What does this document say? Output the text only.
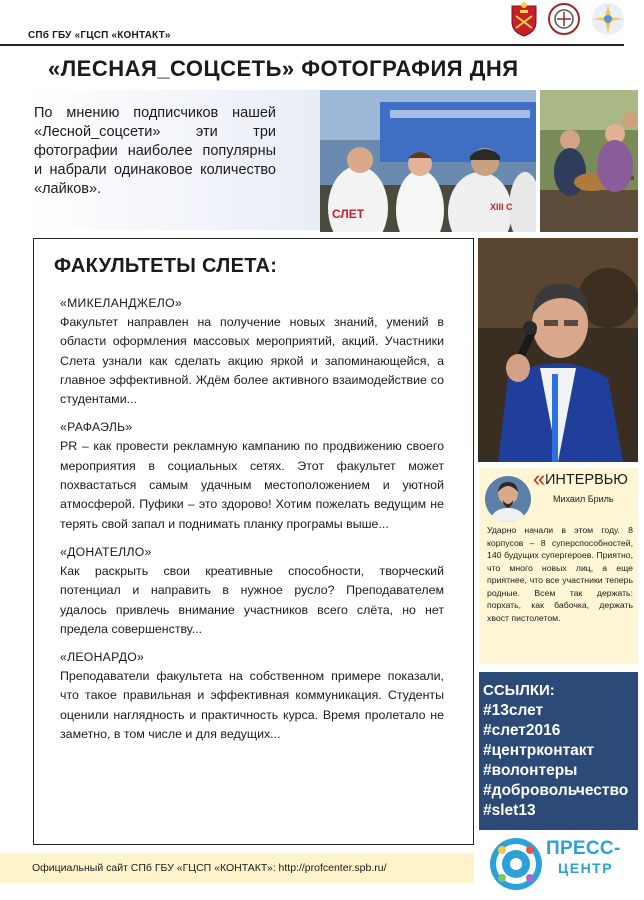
СПб ГБУ «ГЦСП «КОНТАКТ»
«ЛЕСНАЯ_СОЦСЕТЬ» ФОТОГРАФИЯ ДНЯ
По мнению подписчиков нашей «Лесной_соцсети» эти три фотографии наиболее популярны и набрали одинаковое количество «лайков».
СЛЕТ	XIII С
ФАКУЛЬТЕТЫ СЛЕТА:
«МИКЕЛАНДЖЕЛО»
Факультет направлен на получение новых знаний, умений в области оформления массовых мероприятий, акций. Участники Слета узнали как сделать акцию яркой и запоминающейся, а главное эффективной. Ждём более активного взаимодействие со студентами...
«РАФАЭЛЬ»
PR – как провести рекламную кампанию по продвижению своего мероприятия в социальных сетях. Этот факультет может похвастаться самым удачным местоположением и уютной атмосферой. Пуфики – это здорово! Хотим пожелать ведущим не терять свой запал и поднимать планку програмы выше...
«ДОНАТЕЛЛО»
Как раскрыть свои креативные способности, творческий потенциал и направить в нужное русло? Преподавателем удалось привлечь внимание участников всего слёта, но нет предела совершенству...
«ЛЕОНАРДО»
Преподаватели факультета на собственном примере показали, что такое правильная и эффективная коммуникация. Студенты оценили наглядность и практичность курса. Время пролетало не заметно, в том числе и для ведущих...
« ИНТЕРВЬЮ
Михаил Бриль
Ударно начали в этом году. 8 корпусов – 8 суперспособностей, 140 будущих супергероев. Приятно, что много новых лиц, а еще приятнее, что все участники теперь родные. Всем так держать: порхать, как бабочка, держать хвост пистолетом.
ССЫЛКИ:
#13слет
#слет2016
#центрконтакт
#волонтеры
#добровольчество
#slet13
Официальный сайт СПб ГБУ «ГЦСП «КОНТАКТ»: http://profcenter.spb.ru/
ПРЕСС-
ЦЕНТР
